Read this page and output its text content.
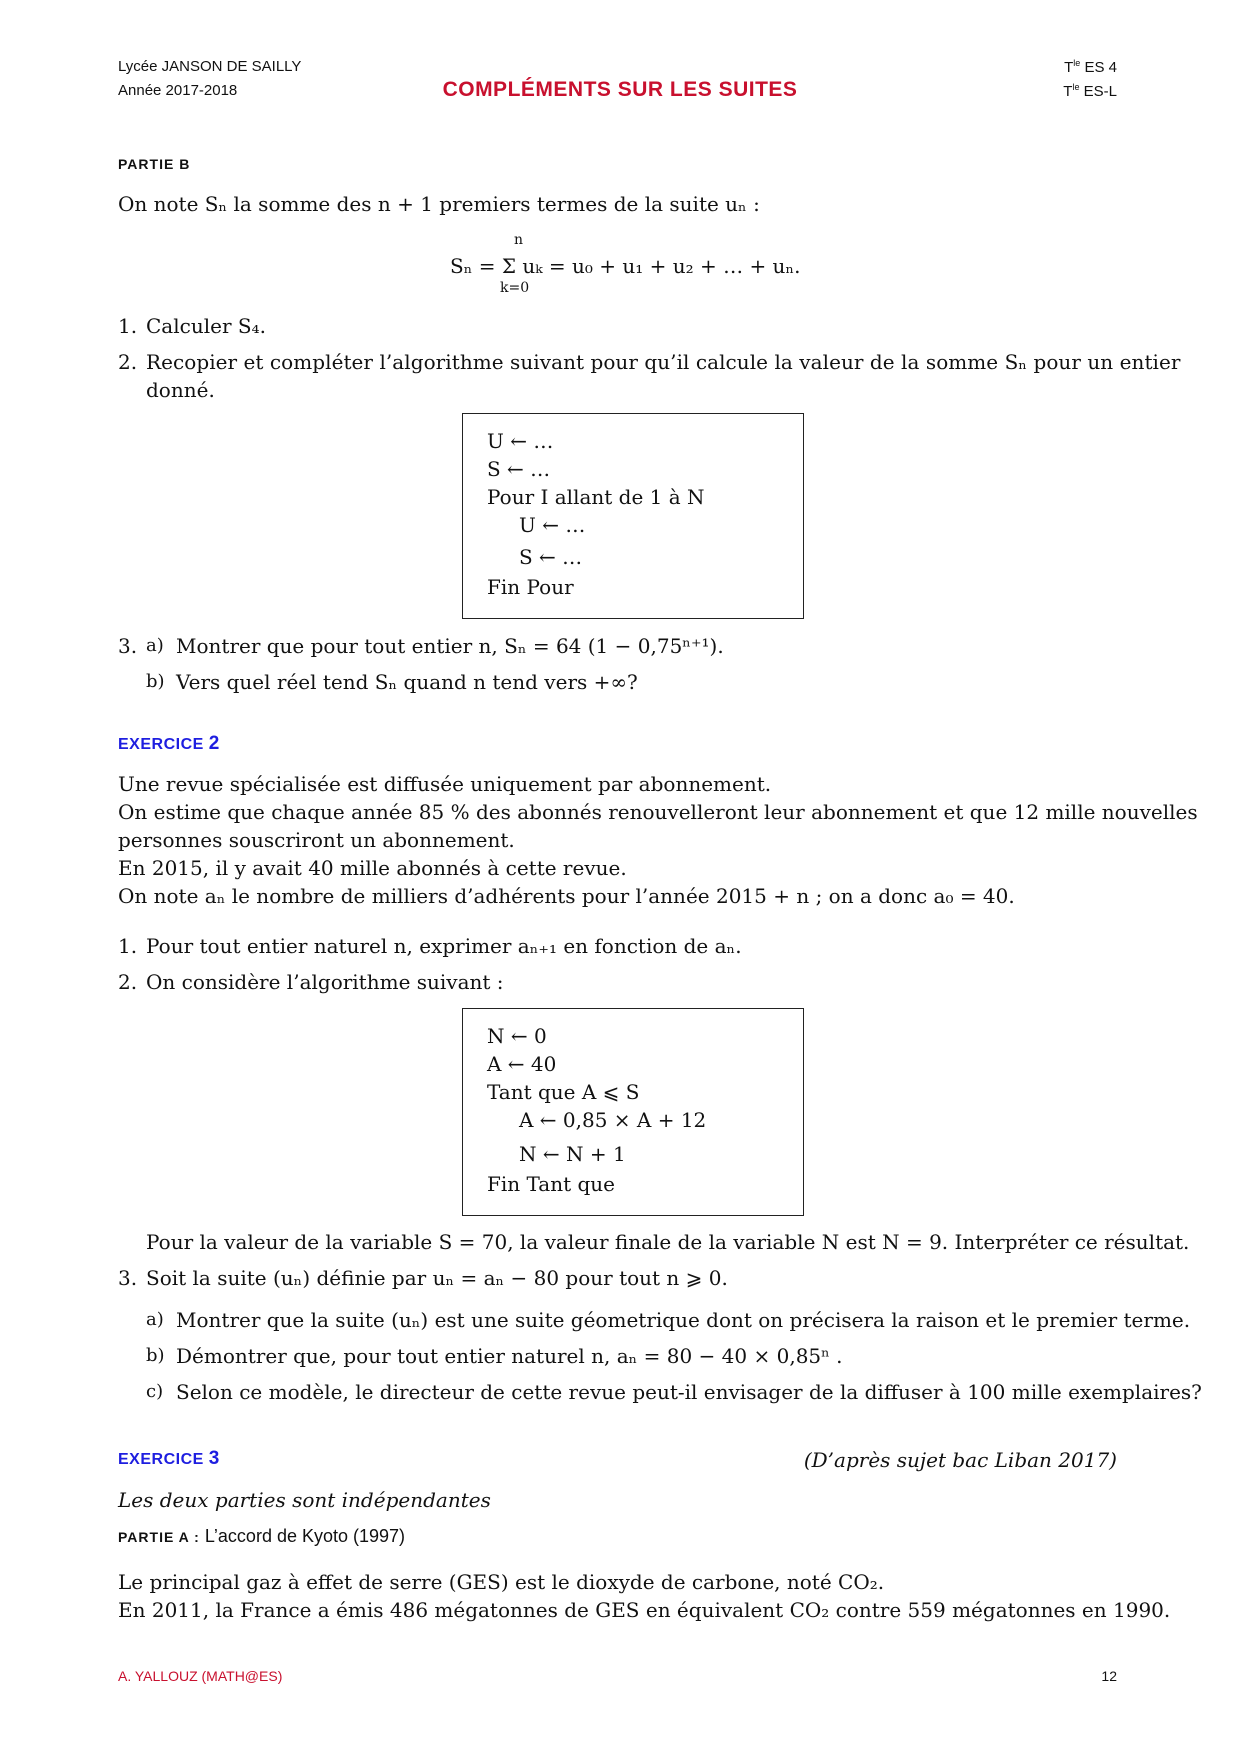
Lycée JANSON DE SAILLY
Année 2017-2018	COMPLÉMENTS SUR LES SUITES
$T^{le}$ ES 4
$T^{le}$ ES-L
PARTIE B
On note Sₙ la somme des n + 1 premiers termes de la suite uₙ :
Sₙ = Σ uₖ = u₀ + u₁ + u₂ + … + uₙ.
n
k=0
1. Calculer S₄.
2. Recopier et compléter l’algorithme suivant pour qu’il calcule la valeur de la somme Sₙ pour un entier
donné.
U ← …
S ← …
Pour I allant de 1 à N
U ← …
S ← …
Fin Pour
3. a) Montrer que pour tout entier n, Sₙ = 64 (1 − 0,75ⁿ⁺¹).
b) Vers quel réel tend Sₙ quand n tend vers +∞?
EXERCICE 2
Une revue spécialisée est diffusée uniquement par abonnement.
On estime que chaque année 85 % des abonnés renouvelleront leur abonnement et que 12 mille nouvelles
personnes souscriront un abonnement.
En 2015, il y avait 40 mille abonnés à cette revue.
On note aₙ le nombre de milliers d’adhérents pour l’année 2015 + n ; on a donc a₀ = 40.
1. Pour tout entier naturel n, exprimer aₙ₊₁ en fonction de aₙ.
2. On considère l’algorithme suivant :
N ← 0
A ← 40
Tant que A ⩽ S
A ← 0,85 × A + 12
N ← N + 1
Fin Tant que
Pour la valeur de la variable S = 70, la valeur finale de la variable N est N = 9. Interpréter ce résultat.
3. Soit la suite (uₙ) définie par uₙ = aₙ − 80 pour tout n ⩾ 0.
a) Montrer que la suite (uₙ) est une suite géometrique dont on précisera la raison et le premier terme.
b) Démontrer que, pour tout entier naturel n, aₙ = 80 − 40 × 0,85ⁿ .
c) Selon ce modèle, le directeur de cette revue peut-il envisager de la diffuser à 100 mille exemplaires?
EXERCICE 3	(D’après sujet bac Liban 2017)
Les deux parties sont indépendantes
PARTIE A : L’accord de Kyoto (1997)
Le principal gaz à effet de serre (GES) est le dioxyde de carbone, noté CO₂.
En 2011, la France a émis 486 mégatonnes de GES en équivalent CO₂ contre 559 mégatonnes en 1990.
A. YALLOUZ (MATH@ES)	12
